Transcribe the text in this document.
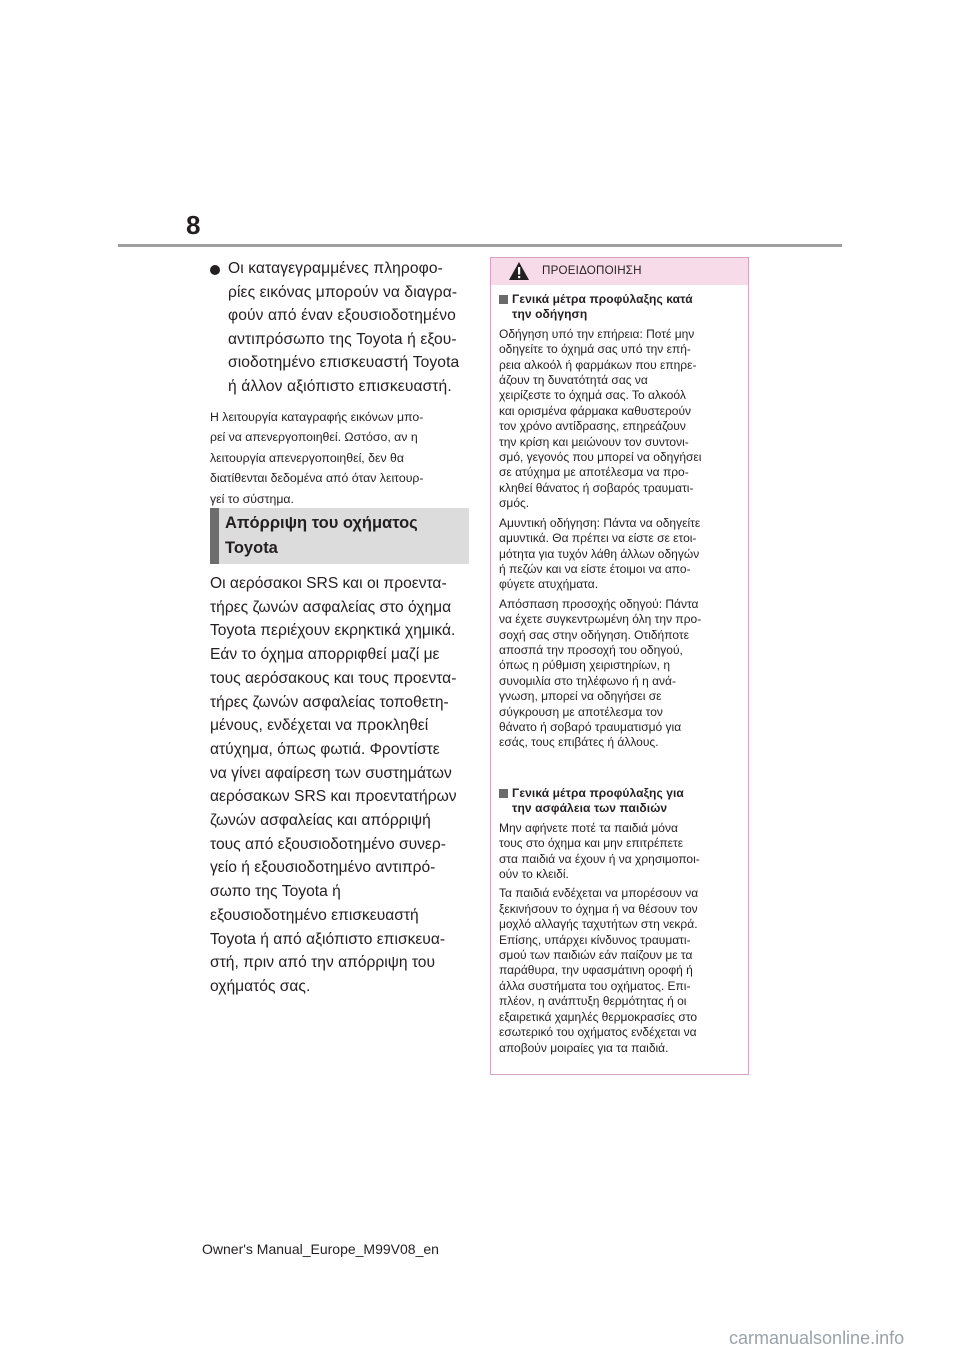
8
Οι καταγεγραμμένες πληροφο-
ρίες εικόνας μπορούν να διαγρα-
φούν από έναν εξουσιοδοτημένο
αντιπρόσωπο της Toyota ή εξου-
σιοδοτημένο επισκευαστή Toyota
ή άλλον αξιόπιστο επισκευαστή.
Η λειτουργία καταγραφής εικόνων μπο-
ρεί να απενεργοποιηθεί. Ωστόσο, αν η
λειτουργία απενεργοποιηθεί, δεν θα
διατίθενται δεδομένα από όταν λειτουρ-
γεί το σύστημα.
Απόρριψη του οχήματος
Toyota
Οι αερόσακοι SRS και οι προεντα-
τήρες ζωνών ασφαλείας στο όχημα
Toyota περιέχουν εκρηκτικά χημικά.
Εάν το όχημα απορριφθεί μαζί με
τους αερόσακους και τους προεντα-
τήρες ζωνών ασφαλείας τοποθετη-
μένους, ενδέχεται να προκληθεί
ατύχημα, όπως φωτιά. Φροντίστε
να γίνει αφαίρεση των συστημάτων
αερόσακων SRS και προεντατήρων
ζωνών ασφαλείας και απόρριψή
τους από εξουσιοδοτημένο συνερ-
γείο ή εξουσιοδοτημένο αντιπρό-
σωπο της Toyota ή
εξουσιοδοτημένο επισκευαστή
Toyota ή από αξιόπιστο επισκευα-
στή, πριν από την απόρριψη του
οχήματός σας.
ΠΡΟΕΙΔΟΠΟΙΗΣΗ
Γενικά μέτρα προφύλαξης κατά
την οδήγηση
Οδήγηση υπό την επήρεια: Ποτέ μην
οδηγείτε το όχημά σας υπό την επή-
ρεια αλκοόλ ή φαρμάκων που επηρε-
άζουν τη δυνατότητά σας να
χειρίζεστε το όχημά σας. Το αλκοόλ
και ορισμένα φάρμακα καθυστερούν
τον χρόνο αντίδρασης, επηρεάζουν
την κρίση και μειώνουν τον συντονι-
σμό, γεγονός που μπορεί να οδηγήσει
σε ατύχημα με αποτέλεσμα να προ-
κληθεί θάνατος ή σοβαρός τραυματι-
σμός.
Αμυντική οδήγηση: Πάντα να οδηγείτε
αμυντικά. Θα πρέπει να είστε σε ετοι-
μότητα για τυχόν λάθη άλλων οδηγών
ή πεζών και να είστε έτοιμοι να απο-
φύγετε ατυχήματα.
Απόσπαση προσοχής οδηγού: Πάντα
να έχετε συγκεντρωμένη όλη την προ-
σοχή σας στην οδήγηση. Οτιδήποτε
αποσπά την προσοχή του οδηγού,
όπως η ρύθμιση χειριστηρίων, η
συνομιλία στο τηλέφωνο ή η ανά-
γνωση, μπορεί να οδηγήσει σε
σύγκρουση με αποτέλεσμα τον
θάνατο ή σοβαρό τραυματισμό για
εσάς, τους επιβάτες ή άλλους.
Γενικά μέτρα προφύλαξης για
την ασφάλεια των παιδιών
Μην αφήνετε ποτέ τα παιδιά μόνα
τους στο όχημα και μην επιτρέπετε
στα παιδιά να έχουν ή να χρησιμοποι-
ούν το κλειδί.
Τα παιδιά ενδέχεται να μπορέσουν να
ξεκινήσουν το όχημα ή να θέσουν τον
μοχλό αλλαγής ταχυτήτων στη νεκρά.
Επίσης, υπάρχει κίνδυνος τραυματι-
σμού των παιδιών εάν παίζουν με τα
παράθυρα, την υφασμάτινη οροφή ή
άλλα συστήματα του οχήματος. Επι-
πλέον, η ανάπτυξη θερμότητας ή οι
εξαιρετικά χαμηλές θερμοκρασίες στο
εσωτερικό του οχήματος ενδέχεται να
αποβούν μοιραίες για τα παιδιά.
Owner's Manual_Europe_M99V08_en
carmanualsonline.info
